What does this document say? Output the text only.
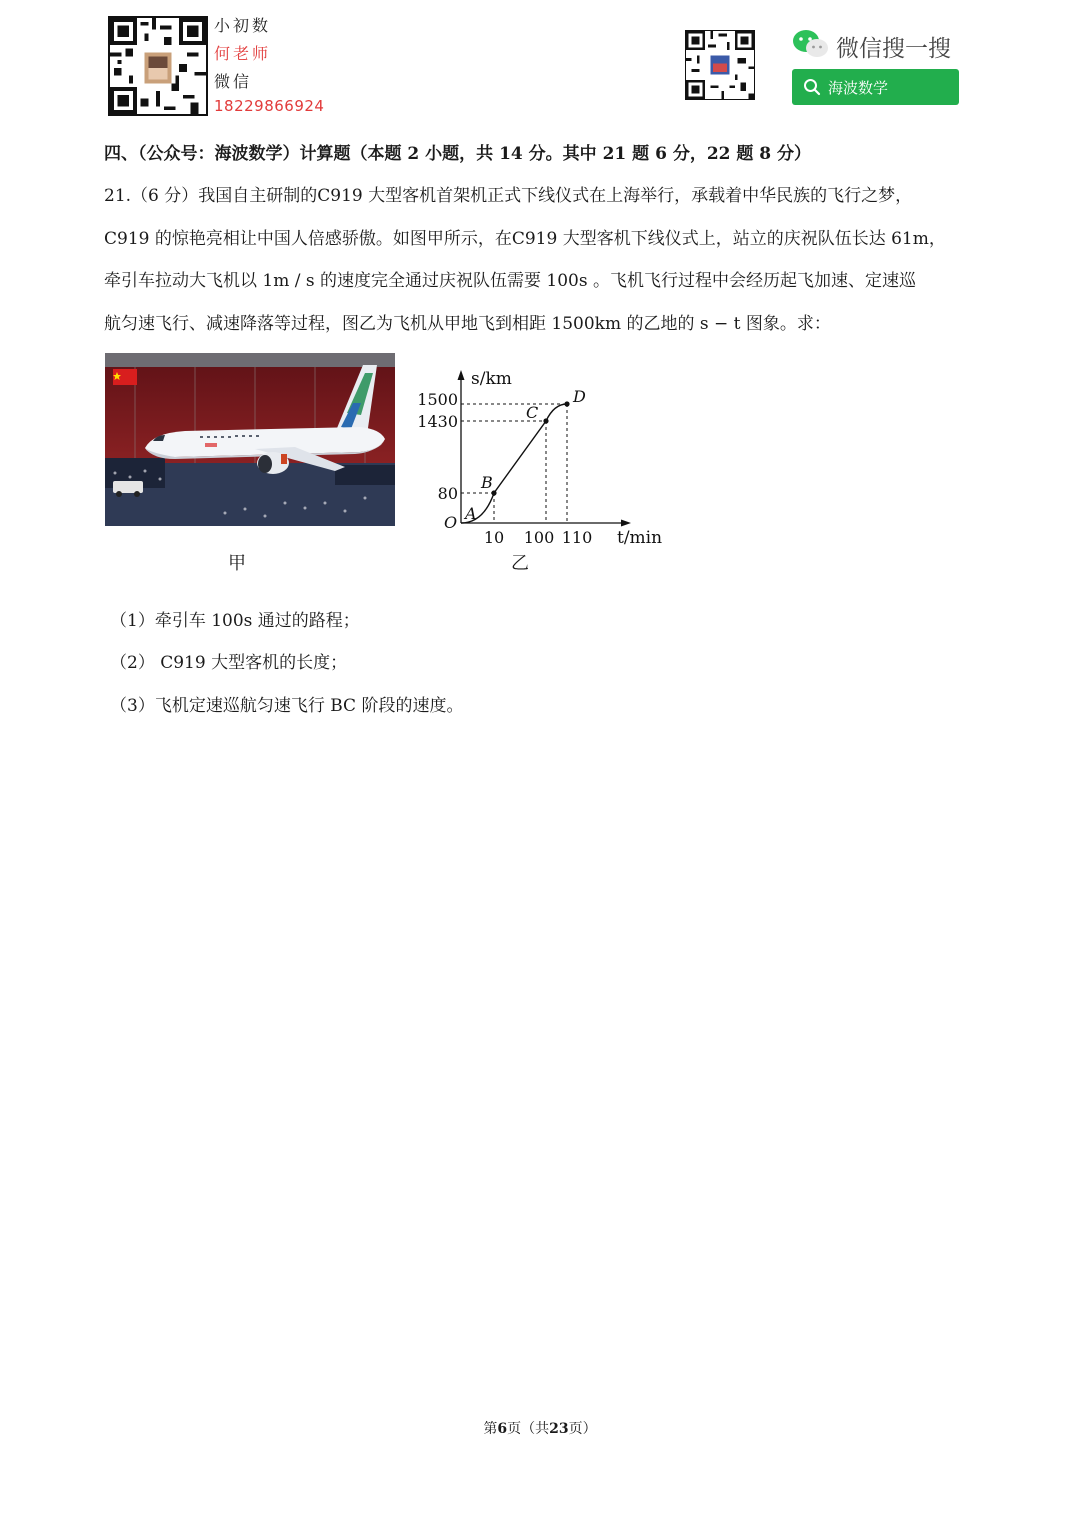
小初数
何老师
微信
18229866924
微信搜一搜
海波数学
四、（公众号：海波数学）计算题（本题 2 小题，共 14 分。其中 21 题 6 分，22 题 8 分）
21.（6 分）我国自主研制的C919 大型客机首架机正式下线仪式在上海举行，承载着中华民族的飞行之梦，
C919 的惊艳亮相让中国人倍感骄傲。如图甲所示，在C919 大型客机下线仪式上，站立的庆祝队伍长达 61m，
牵引车拉动大飞机以 1m / s 的速度完全通过庆祝队伍需要 100s 。飞机飞行过程中会经历起飞加速、定速巡
航匀速飞行、减速降落等过程，图乙为飞机从甲地飞到相距 1500km 的乙地的 s − t 图象。求：
甲
s/km
t/min
O
80
1430
1500
10 100 110
A
B
C
D
乙
（1）牵引车 100s 通过的路程；
（2） C919 大型客机的长度；
（3）飞机定速巡航匀速飞行 BC 阶段的速度。
第6页（共23页）
